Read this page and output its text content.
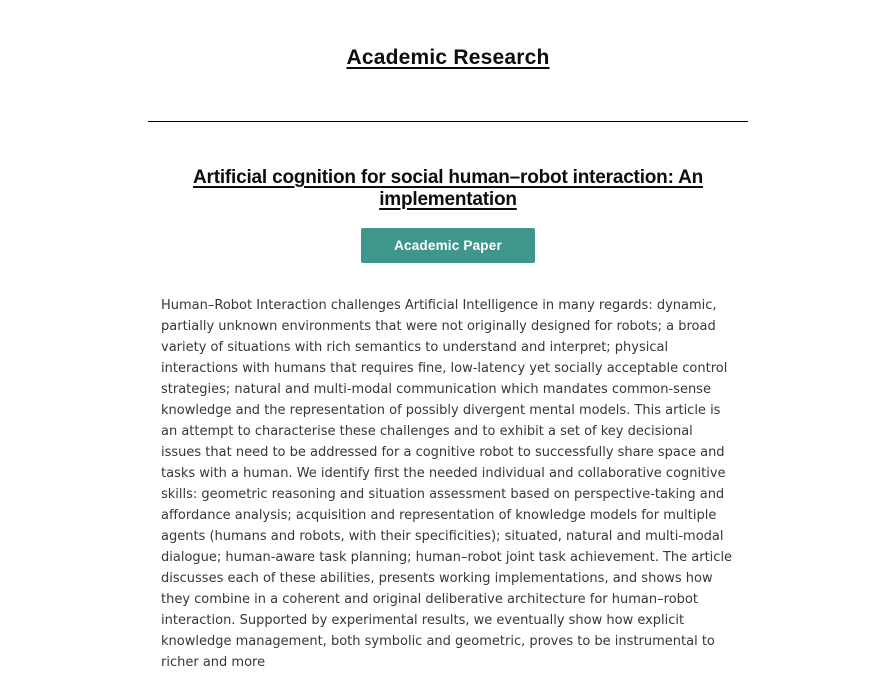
Academic Research
Artificial cognition for social human–robot interaction: An implementation
Academic Paper

Human–Robot Interaction challenges Artificial Intelligence in many regards: dynamic, partially unknown environments that were not originally designed for robots; a broad variety of situations with rich semantics to understand and interpret; physical interactions with humans that requires fine, low-latency yet socially acceptable control strategies; natural and multi-modal communication which mandates common-sense knowledge and the representation of possibly divergent mental models. This article is an attempt to characterise these challenges and to exhibit a set of key decisional issues that need to be addressed for a cognitive robot to successfully share space and tasks with a human. We identify first the needed individual and collaborative cognitive skills: geometric reasoning and situation assessment based on perspective-taking and affordance analysis; acquisition and representation of knowledge models for multiple agents (humans and robots, with their specificities); situated, natural and multi-modal dialogue; human-aware task planning; human–robot joint task achievement. The article discusses each of these abilities, presents working implementations, and shows how they combine in a coherent and original deliberative architecture for human–robot interaction. Supported by experimental results, we eventually show how explicit knowledge management, both symbolic and geometric, proves to be instrumental to richer and more
